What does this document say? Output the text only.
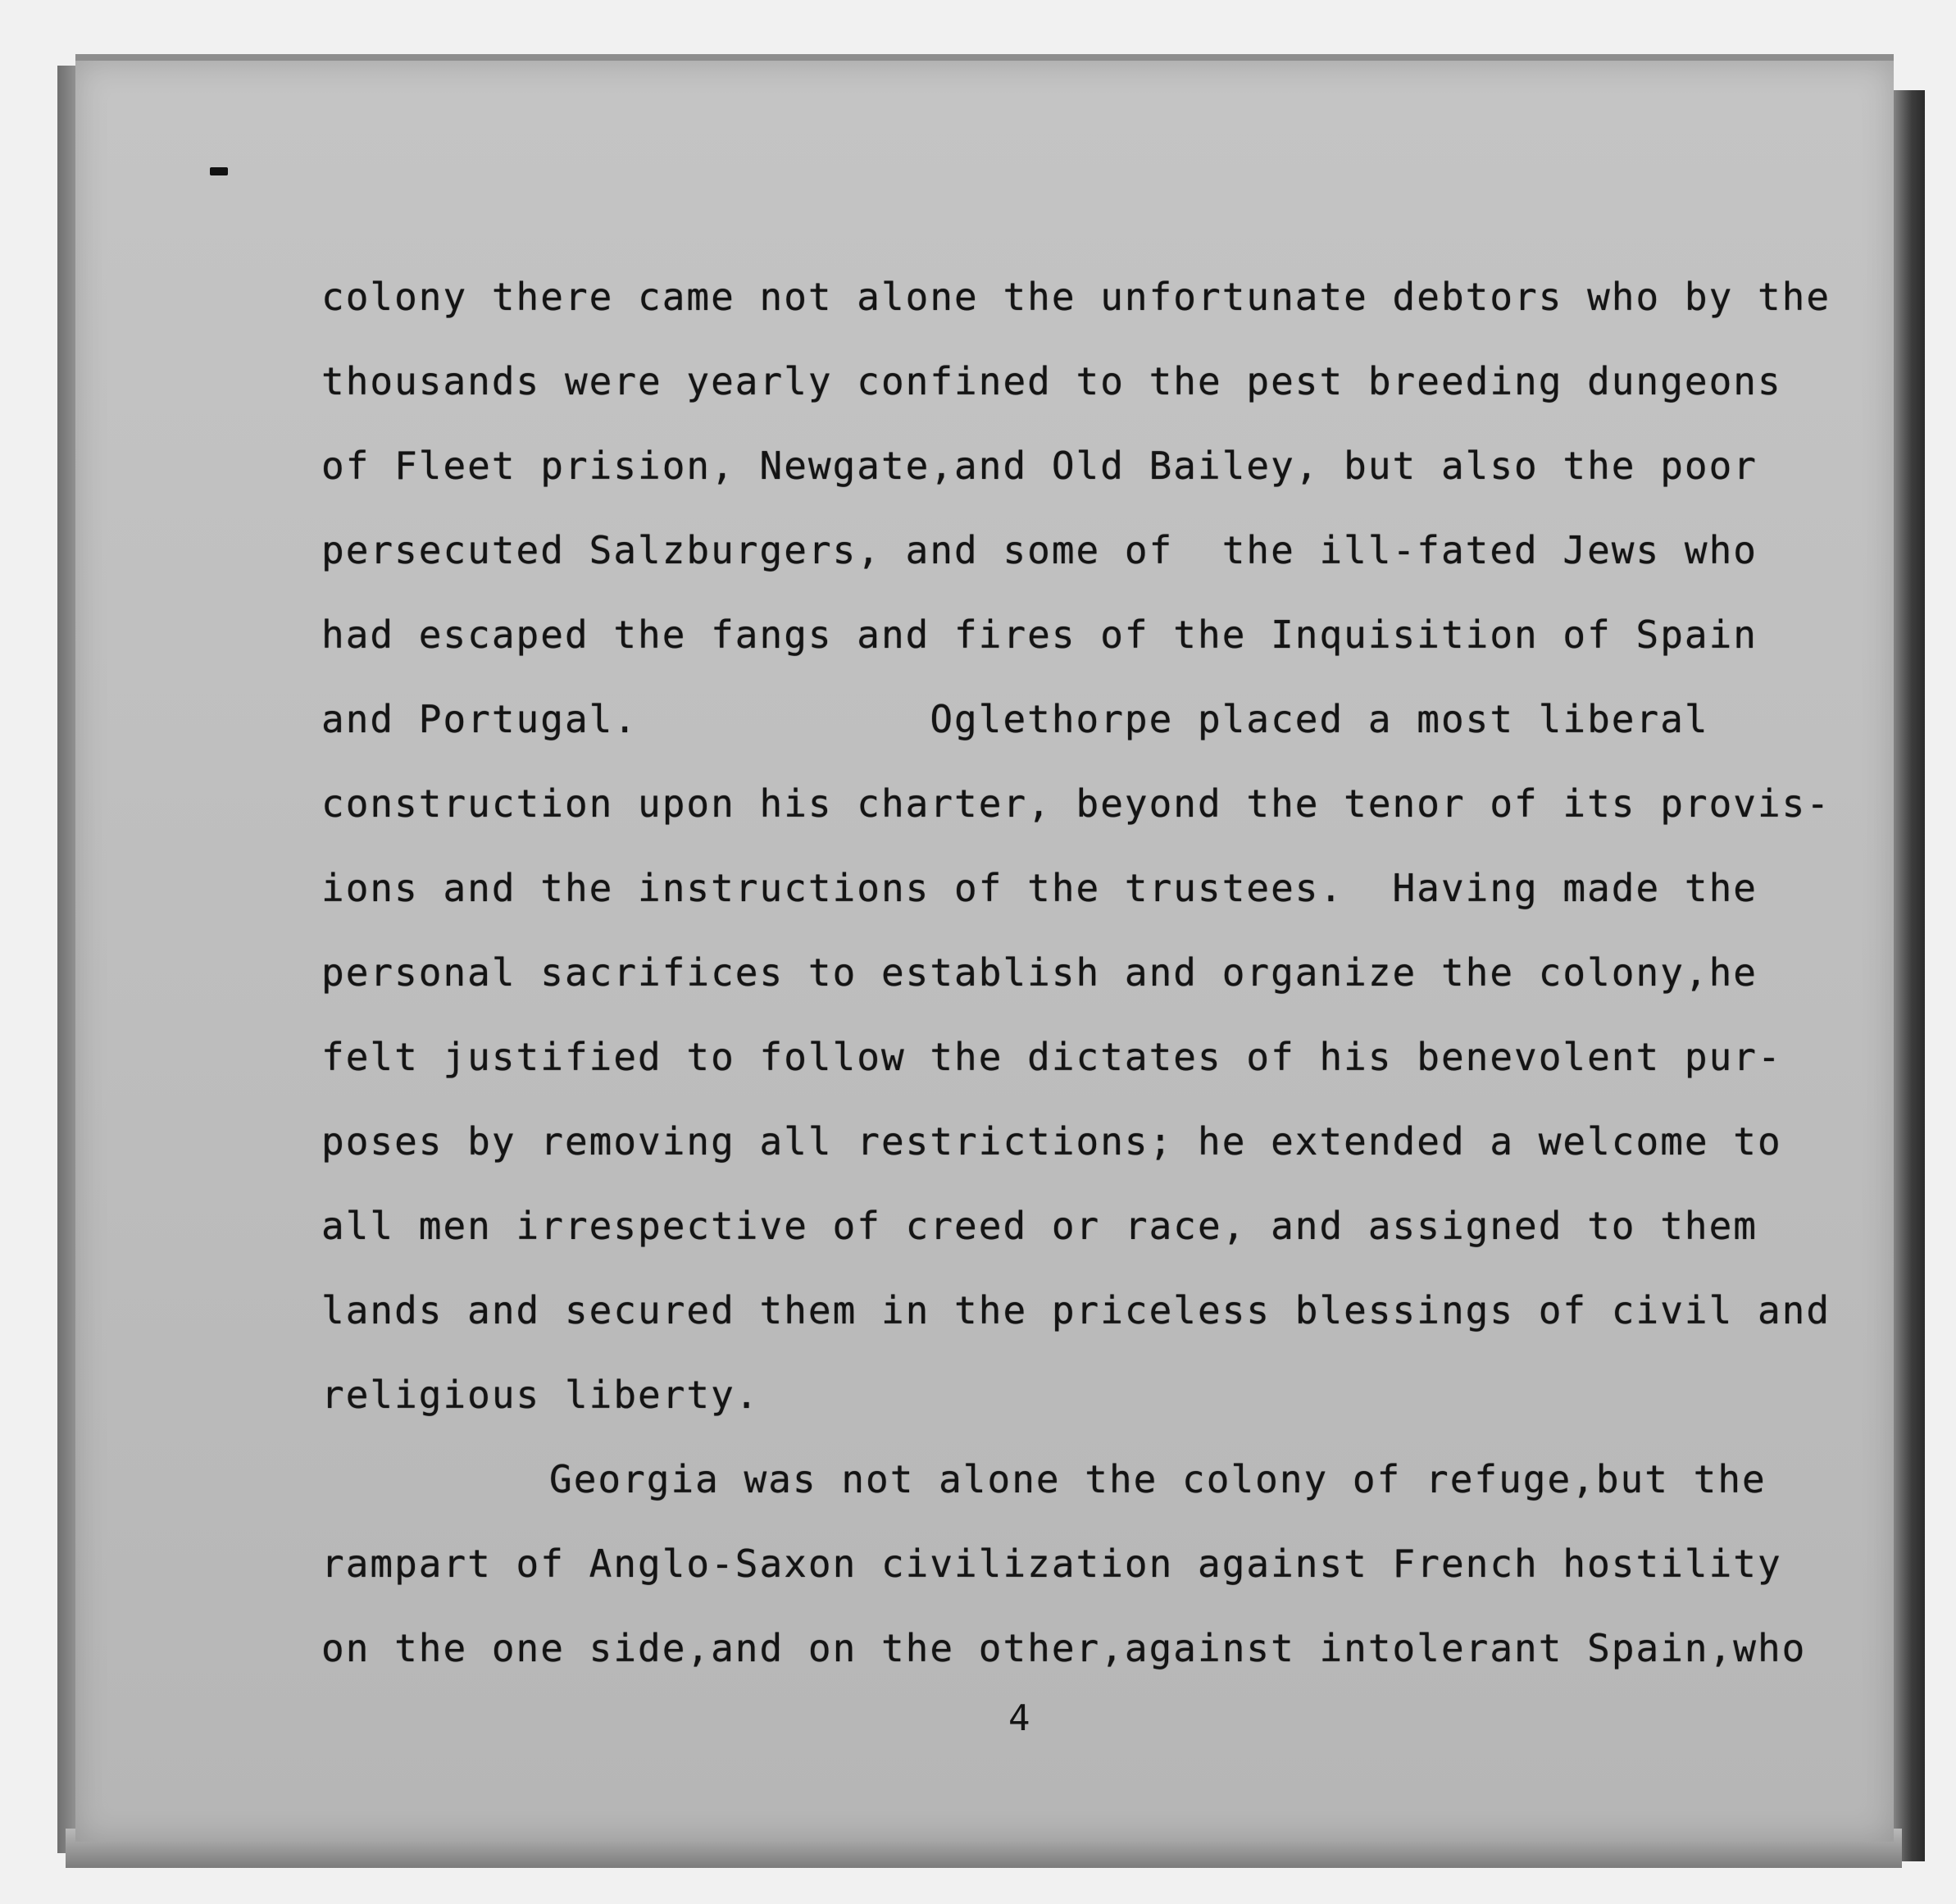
colony there came not alone the unfortunate debtors who by the
thousands were yearly confined to the pest breeding dungeons
of Fleet prision, Newgate,and Old Bailey, but also the poor
persecuted Salzburgers, and some of  the ill-fated Jews who
had escaped the fangs and fires of the Inquisition of Spain
and Portugal.            Oglethorpe placed a most liberal
construction upon his charter, beyond the tenor of its provis-
ions and the instructions of the trustees.  Having made the
personal sacrifices to establish and organize the colony,he
felt justified to follow the dictates of his benevolent pur-
poses by removing all restrictions; he extended a welcome to
all men irrespective of creed or race, and assigned to them
lands and secured them in the priceless blessings of civil and
religious liberty.
Georgia was not alone the colony of refuge,but the
rampart of Anglo-Saxon civilization against French hostility
on the one side,and on the other,against intolerant Spain,who
4
